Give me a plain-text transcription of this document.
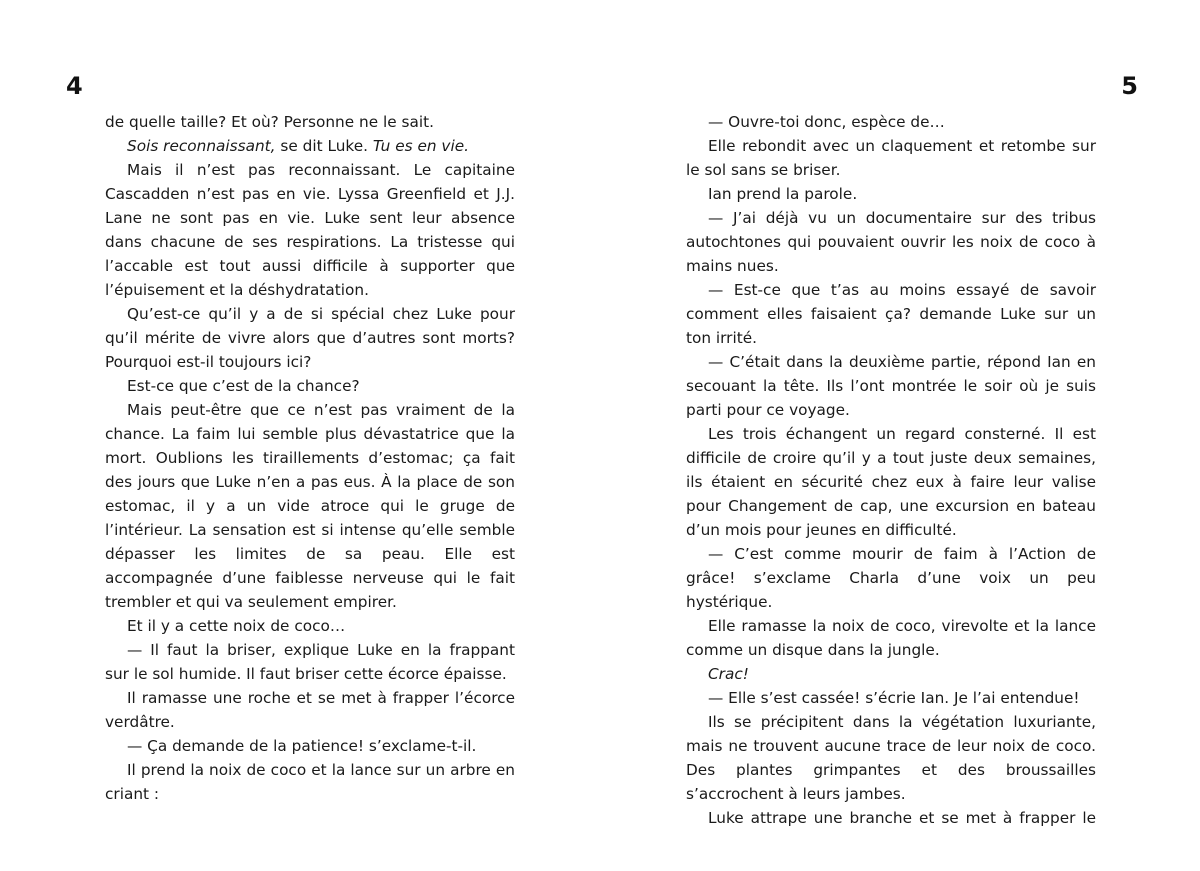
4	5

de quelle taille? Et où? Personne ne le sait.

Sois reconnaissant, se dit Luke. Tu es en vie.

Mais il n’est pas reconnaissant. Le capitaine Cascadden n’est pas en vie. Lyssa Greenfield et J.J. Lane ne sont pas en vie. Luke sent leur absence dans chacune de ses respirations. La tristesse qui l’accable est tout aussi difficile à supporter que l’épuisement et la déshydratation.

Qu’est-ce qu’il y a de si spécial chez Luke pour qu’il mérite de vivre alors que d’autres sont morts? Pourquoi est-il toujours ici?

Est-ce que c’est de la chance?

Mais peut-être que ce n’est pas vraiment de la chance. La faim lui semble plus dévastatrice que la mort. Oublions les tiraillements d’estomac; ça fait des jours que Luke n’en a pas eus. À la place de son estomac, il y a un vide atroce qui le gruge de l’intérieur. La sensation est si intense qu’elle semble dépasser les limites de sa peau. Elle est accompagnée d’une faiblesse nerveuse qui le fait trembler et qui va seulement empirer.

Et il y a cette noix de coco…

— Il faut la briser, explique Luke en la frappant sur le sol humide. Il faut briser cette écorce épaisse.

Il ramasse une roche et se met à frapper l’écorce verdâtre.

— Ça demande de la patience! s’exclame-t-il.

Il prend la noix de coco et la lance sur un arbre en criant :

— Ouvre-toi donc, espèce de…

Elle rebondit avec un claquement et retombe sur le sol sans se briser.

Ian prend la parole.

— J’ai déjà vu un documentaire sur des tribus autochtones qui pouvaient ouvrir les noix de coco à mains nues.

— Est-ce que t’as au moins essayé de savoir comment elles faisaient ça? demande Luke sur un ton irrité.

— C’était dans la deuxième partie, répond Ian en secouant la tête. Ils l’ont montrée le soir où je suis parti pour ce voyage.

Les trois échangent un regard consterné. Il est difficile de croire qu’il y a tout juste deux semaines, ils étaient en sécurité chez eux à faire leur valise pour Changement de cap, une excursion en bateau d’un mois pour jeunes en difficulté.

— C’est comme mourir de faim à l’Action de grâce! s’exclame Charla d’une voix un peu hystérique.

Elle ramasse la noix de coco, virevolte et la lance comme un disque dans la jungle.

Crac!

— Elle s’est cassée! s’écrie Ian. Je l’ai entendue!

Ils se précipitent dans la végétation luxuriante, mais ne trouvent aucune trace de leur noix de coco. Des plantes grimpantes et des broussailles s’accrochent à leurs jambes.

Luke attrape une branche et se met à frapper le
